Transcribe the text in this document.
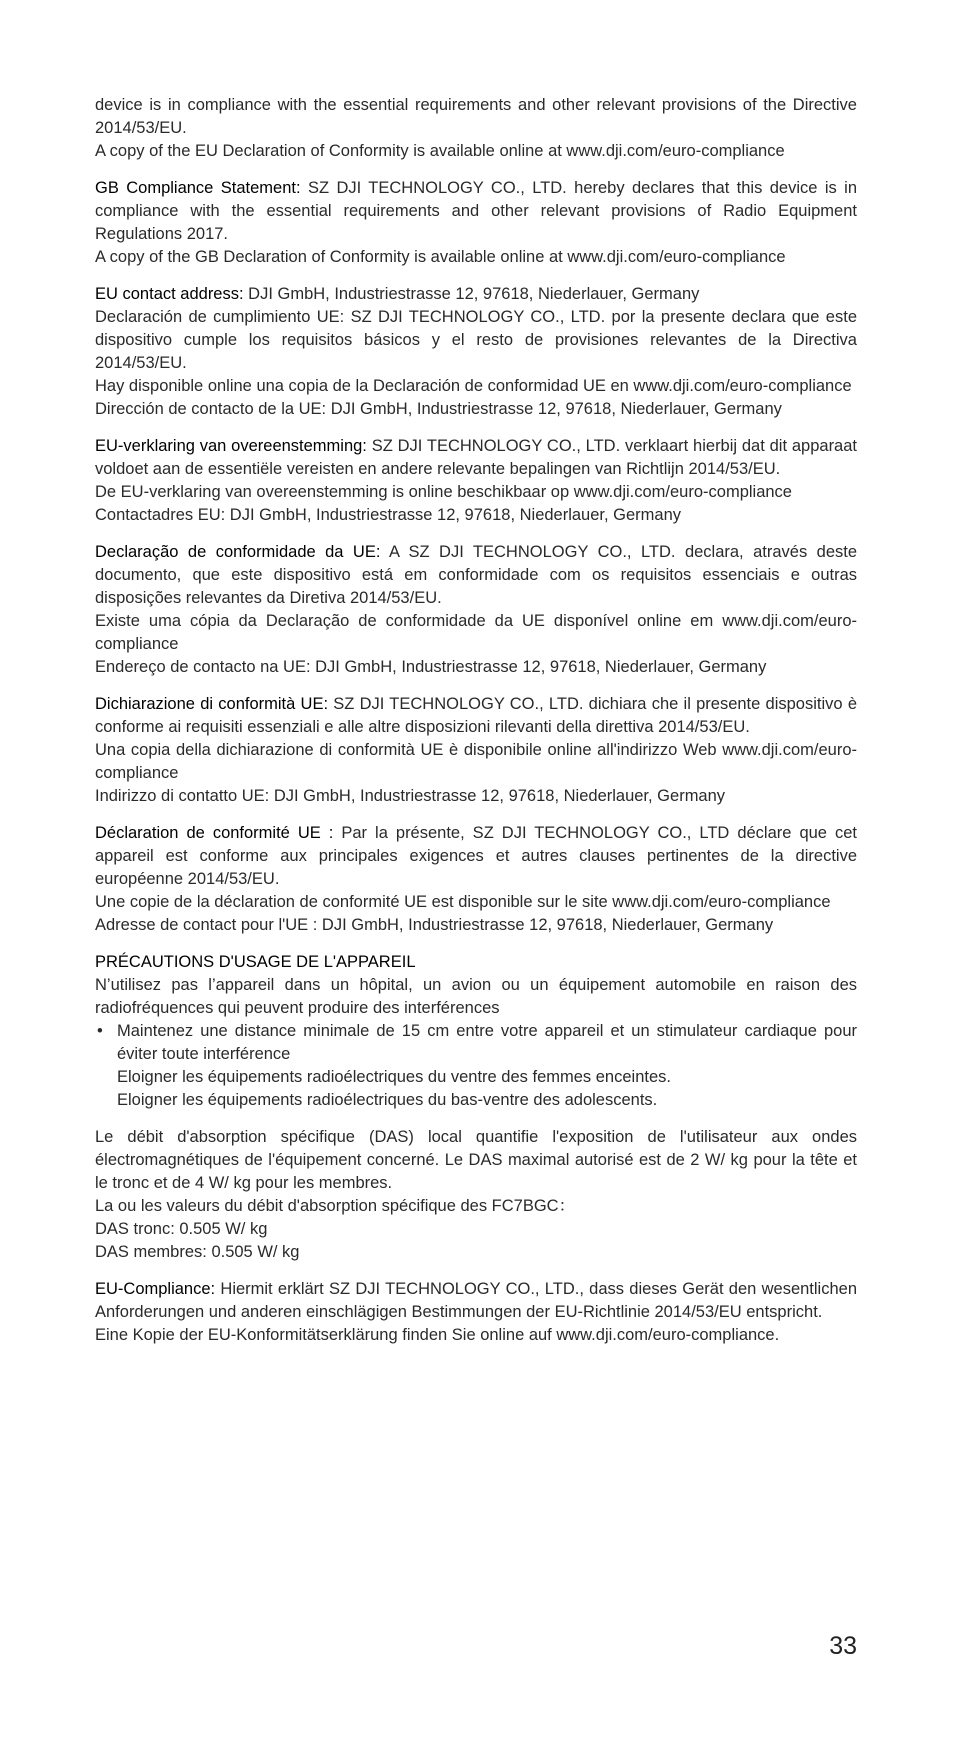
device is in compliance with the essential requirements and other relevant provisions of the Directive 2014/53/EU.

A copy of the EU Declaration of Conformity is available online at www.dji.com/euro-compliance

GB Compliance Statement: SZ DJI TECHNOLOGY CO., LTD. hereby declares that this device is in compliance with the essential requirements and other relevant provisions of Radio Equipment Regulations 2017.

A copy of the GB Declaration of Conformity is available online at www.dji.com/euro-compliance

EU contact address: DJI GmbH, Industriestrasse 12, 97618, Niederlauer, Germany

Declaración de cumplimiento UE: SZ DJI TECHNOLOGY CO., LTD. por la presente declara que este dispositivo cumple los requisitos básicos y el resto de provisiones relevantes de la Directiva 2014/53/EU.

Hay disponible online una copia de la Declaración de conformidad UE en www.dji.com/euro-compliance

Dirección de contacto de la UE: DJI GmbH, Industriestrasse 12, 97618, Niederlauer, Germany

EU-verklaring van overeenstemming: SZ DJI TECHNOLOGY CO., LTD. verklaart hierbij dat dit apparaat voldoet aan de essentiële vereisten en andere relevante bepalingen van Richtlijn 2014/53/EU.

De EU-verklaring van overeenstemming is online beschikbaar op www.dji.com/euro-compliance

Contactadres EU: DJI GmbH, Industriestrasse 12, 97618, Niederlauer, Germany

Declaração de conformidade da UE: A SZ DJI TECHNOLOGY CO., LTD. declara, através deste documento, que este dispositivo está em conformidade com os requisitos essenciais e outras disposições relevantes da Diretiva 2014/53/EU.

Existe uma cópia da Declaração de conformidade da UE disponível online em www.dji.com/euro-compliance

Endereço de contacto na UE: DJI GmbH, Industriestrasse 12, 97618, Niederlauer, Germany

Dichiarazione di conformità UE: SZ DJI TECHNOLOGY CO., LTD. dichiara che il presente dispositivo è conforme ai requisiti essenziali e alle altre disposizioni rilevanti della direttiva 2014/53/EU.

Una copia della dichiarazione di conformità UE è disponibile online all'indirizzo Web www.dji.com/euro-compliance

Indirizzo di contatto UE: DJI GmbH, Industriestrasse 12, 97618, Niederlauer, Germany

Déclaration de conformité UE : Par la présente, SZ DJI TECHNOLOGY CO., LTD déclare que cet appareil est conforme aux principales exigences et autres clauses pertinentes de la directive européenne 2014/53/EU.

Une copie de la déclaration de conformité UE est disponible sur le site www.dji.com/euro-compliance

Adresse de contact pour l'UE : DJI GmbH, Industriestrasse 12, 97618, Niederlauer, Germany

PRÉCAUTIONS D'USAGE DE L'APPAREIL

N’utilisez pas l’appareil dans un hôpital, un avion ou un équipement automobile en raison des radiofréquences qui peuvent produire des interférences

• Maintenez une distance minimale de 15 cm entre votre appareil et un stimulateur cardiaque pour éviter toute interférence

Eloigner les équipements radioélectriques du ventre des femmes enceintes.

Eloigner les équipements radioélectriques du bas-ventre des adolescents.

Le débit d'absorption spécifique (DAS) local quantifie l'exposition de l'utilisateur aux ondes électromagnétiques de l'équipement concerné. Le DAS maximal autorisé est de 2 W/ kg pour la tête et le tronc et de 4 W/ kg pour les membres.

La ou les valeurs du débit d'absorption spécifique des FC7BGC：

DAS tronc: 0.505 W/ kg

DAS membres: 0.505 W/ kg

EU-Compliance: Hiermit erklärt SZ DJI TECHNOLOGY CO., LTD., dass dieses Gerät den wesentlichen Anforderungen und anderen einschlägigen Bestimmungen der EU-Richtlinie 2014/53/EU entspricht.

Eine Kopie der EU-Konformitätserklärung finden Sie online auf www.dji.com/euro-compliance.

33
